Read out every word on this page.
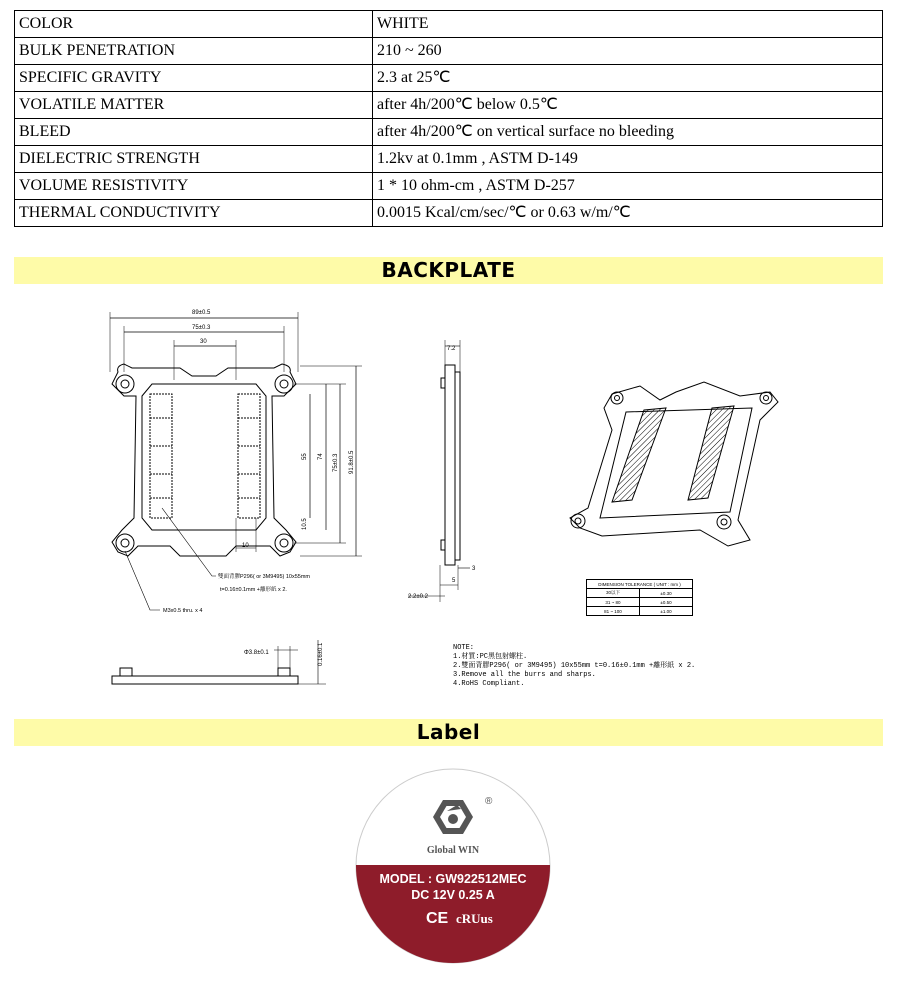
COLOR	WHITE
BULK PENETRATION	210 ~ 260
SPECIFIC GRAVITY	2.3 at 25℃
VOLATILE MATTER	after 4h/200℃ below 0.5℃
BLEED	after 4h/200℃ on vertical surface no bleeding
DIELECTRIC STRENGTH	1.2kv at 0.1mm , ASTM D-149
VOLUME RESISTIVITY	1 * 10 ohm-cm , ASTM D-257
THERMAL CONDUCTIVITY	0.0015 Kcal/cm/sec/℃ or 0.63 w/m/℃
BACKPLATE
89±0.5
75±0.3
30
10
55 74 75±0.3 91.8±0.5
10.5
7.2
3
5
2.2±0.2
Φ3.8±0.1	0.16±0.1
雙面背膠P296( or 3M9495) 10x55mm
t=0.16±0.1mm +離形紙 x 2.
M3x0.5 thru. x 4
DIMENSION TOLERANCE ( UNIT : mm )	
30以下	±0.30
31 ~ 80	±0.50
81 ~ 100	±1.00
NOTE:
1.材質:PC黑包射螺柱.
2.雙面背膠P296( or 3M9495) 10x55mm t=0.16±0.1mm +離形紙 x 2.
3.Remove all the burrs and sharps.
4.RoHS Compliant.
Label
®
Global WIN
MODEL : GW922512MEC
DC 12V 0.25 A
CE cRUus
